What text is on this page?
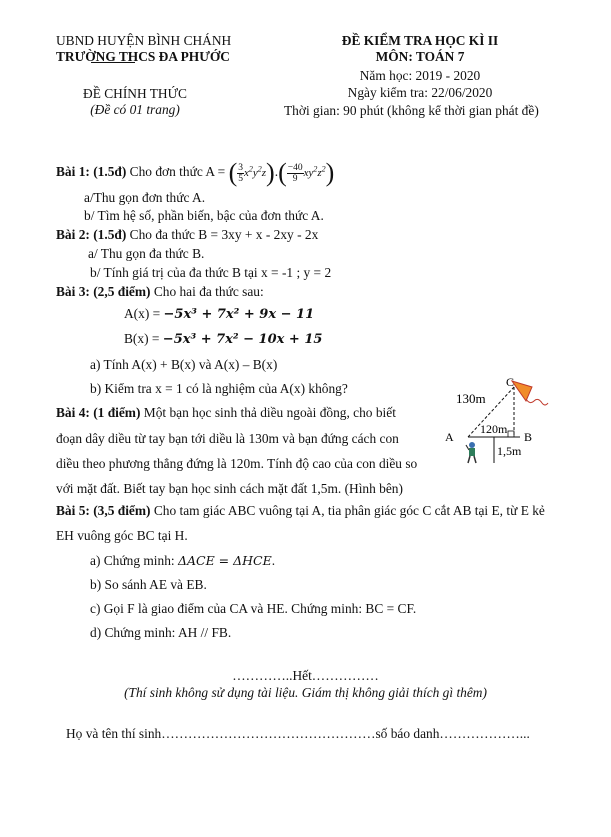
UBND HUYỆN BÌNH CHÁNH
TRƯỜNG THCS ĐA PHƯỚC
ĐỀ KIỂM TRA HỌC KÌ II
MÔN: TOÁN 7
Năm học: 2019 - 2020
Ngày kiểm tra: 22/06/2020
Thời gian: 90 phút (không kể thời gian phát đề)
ĐỀ CHÍNH THỨC
(Đề có 01 trang)
Bài 1: (1.5đ) Cho đơn thức A = ( $\frac{3}{5} x^2y^2z).( \frac{-40}{9} xy^2z^2)$
a/Thu gọn đơn thức A.
b/ Tìm hệ số, phần biến, bậc của đơn thức A.
Bài 2: (1.5đ) Cho đa thức B = 3xy + x - 2xy - 2x
a/ Thu gọn đa thức B.
b/ Tính giá trị của đa thức B tại x = -1 ; y = 2
Bài 3: (2,5 điểm) Cho hai đa thức sau:
A(x) = −5x³ + 7x² + 9x − 11
B(x) = −5x³ + 7x² − 10x + 15
a) Tính A(x) + B(x) và A(x) – B(x)
b) Kiểm tra x = 1 có là nghiệm của A(x) không?
Bài 4: (1 điểm) Một bạn học sinh thả diều ngoài đồng, cho biết
đoạn dây diều từ tay bạn tới diều là 130m và bạn đứng cách con
diều theo phương thẳng đứng là 120m. Tính độ cao của con diều so
với mặt đất. Biết tay bạn học sinh cách mặt đất 1,5m. (Hình bên)
130m
C
120m
A	B
1,5m
Bài 5: (3,5 điểm) Cho tam giác ABC vuông tại A, tia phân giác góc C cắt AB tại E, từ E kẻ
EH vuông góc BC tại H.
a) Chứng minh: ΔACE = ΔHCE.
b) So sánh AE và EB.
c) Gọi F là giao điểm của CA và HE. Chứng minh: BC = CF.
d) Chứng minh: AH // FB.
…………..Hết……………
(Thí sinh không sử dụng tài liệu. Giám thị không giải thích gì thêm)
Họ và tên thí sinh…………………………………………số báo danh………………...
